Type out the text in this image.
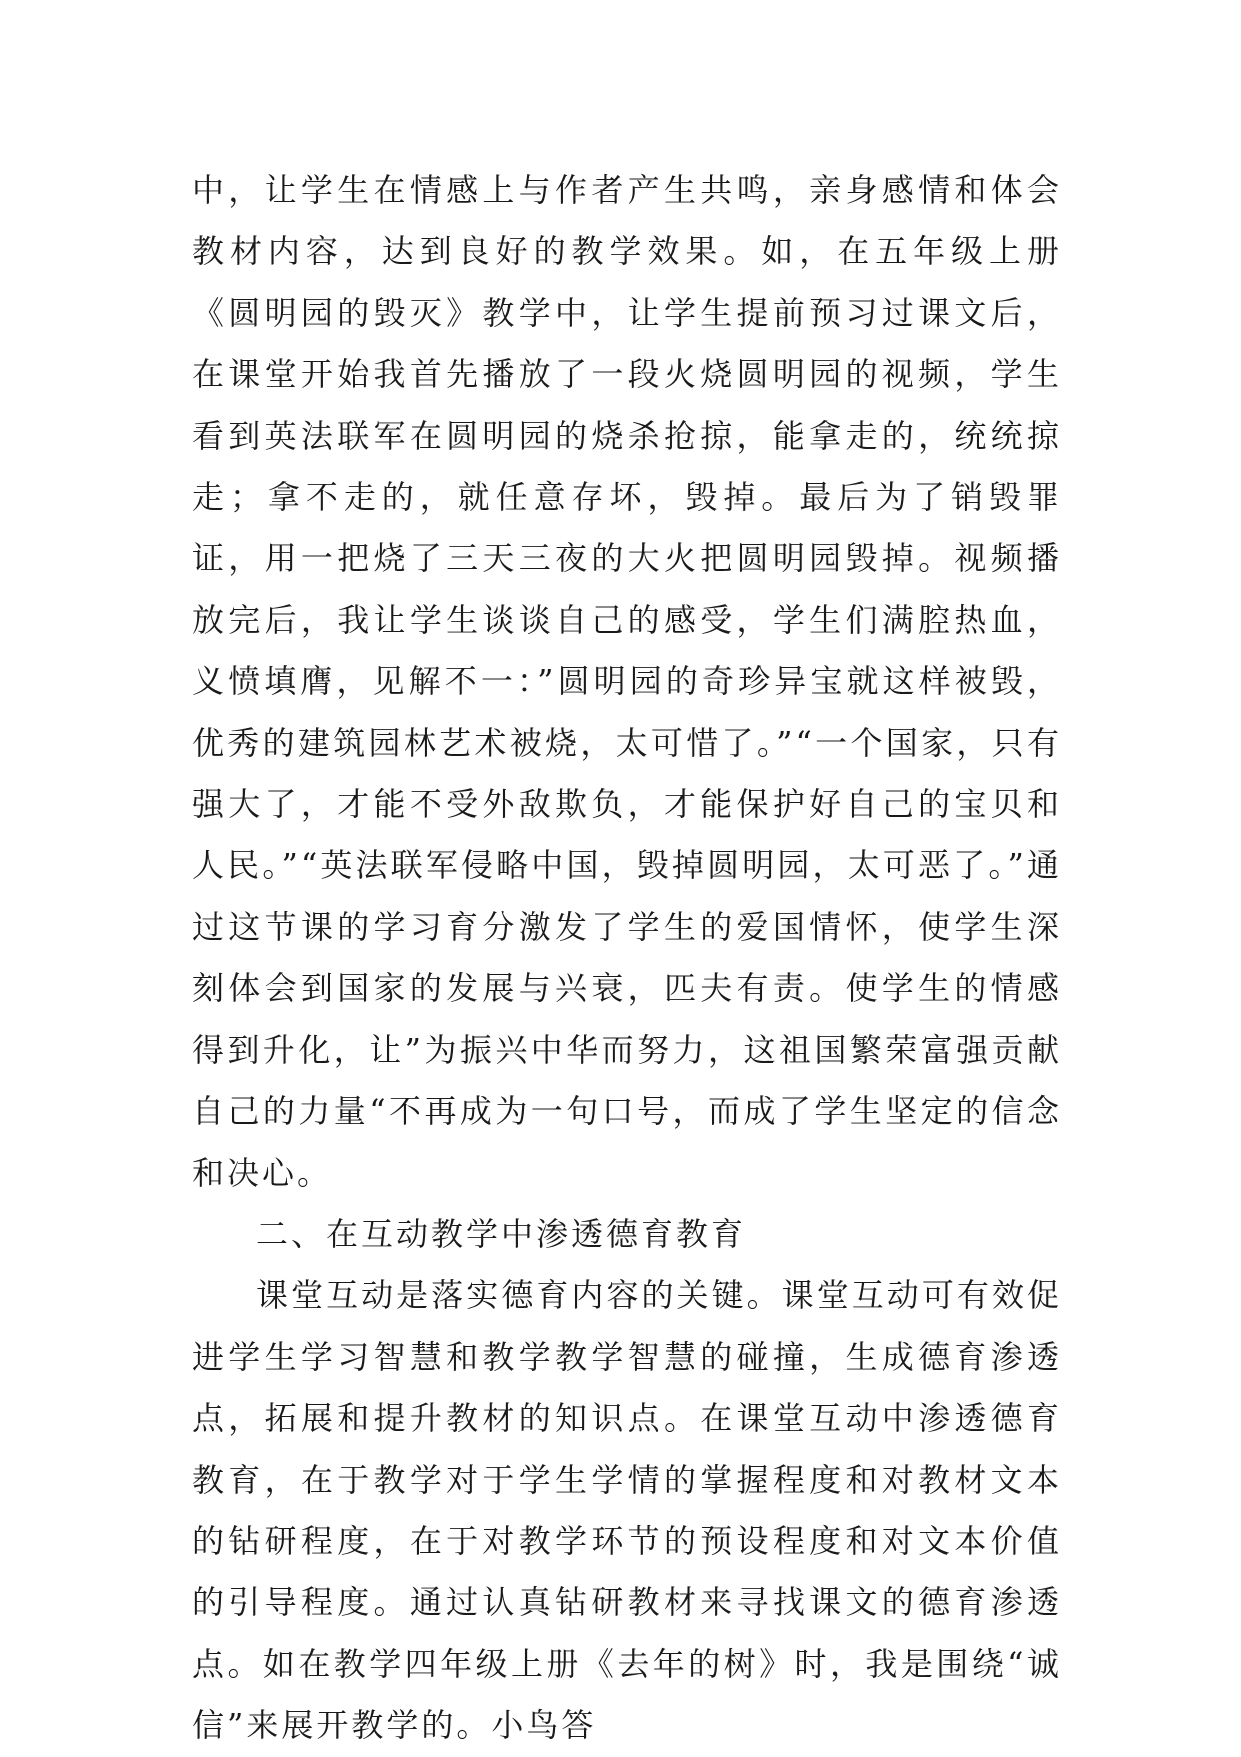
中，让学生在情感上与作者产生共鸣，亲身感情和体会教材内容，达到良好的教学效果。如，在五年级上册《圆明园的毁灭》教学中，让学生提前预习过课文后，在课堂开始我首先播放了一段火烧圆明园的视频，学生看到英法联军在圆明园的烧杀抢掠，能拿走的，统统掠走；拿不走的，就任意存坏，毁掉。最后为了销毁罪证，用一把烧了三天三夜的大火把圆明园毁掉。视频播放完后，我让学生谈谈自己的感受，学生们满腔热血，义愤填膺，见解不一：”圆明园的奇珍异宝就这样被毁，优秀的建筑园林艺术被烧，太可惜了。”“一个国家，只有强大了，才能不受外敌欺负，才能保护好自己的宝贝和人民。”“英法联军侵略中国，毁掉圆明园，太可恶了。”通过这节课的学习育分激发了学生的爱国情怀，使学生深刻体会到国家的发展与兴衰，匹夫有责。使学生的情感得到升化，让”为振兴中华而努力，这祖国繁荣富强贡献自己的力量“不再成为一句口号，而成了学生坚定的信念和决心。

二、在互动教学中渗透德育教育

课堂互动是落实德育内容的关键。课堂互动可有效促进学生学习智慧和教学教学智慧的碰撞，生成德育渗透点，拓展和提升教材的知识点。在课堂互动中渗透德育教育，在于教学对于学生学情的掌握程度和对教材文本的钻研程度，在于对教学环节的预设程度和对文本价值的引导程度。通过认真钻研教材来寻找课文的德育渗透点。如在教学四年级上册《去年的树》时，我是围绕“诚信”来展开教学的。小鸟答
